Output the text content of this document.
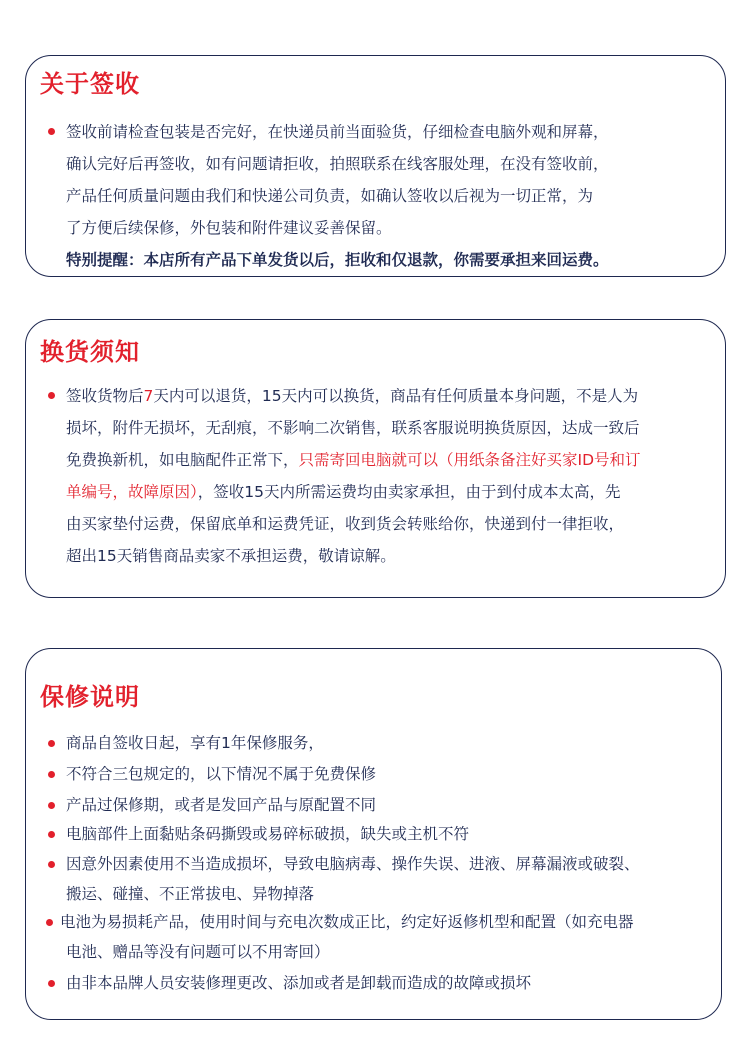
关于签收

签收前请检查包装是否完好，在快递员前当面验货，仔细检查电脑外观和屏幕，
确认完好后再签收，如有问题请拒收，拍照联系在线客服处理，在没有签收前，
产品任何质量问题由我们和快递公司负责，如确认签收以后视为一切正常，为
了方便后续保修，外包装和附件建议妥善保留。
特别提醒：本店所有产品下单发货以后，拒收和仅退款，你需要承担来回运费。

换货须知

签收货物后7天内可以退货，15天内可以换货，商品有任何质量本身问题，不是人为
损坏，附件无损坏，无刮痕，不影响二次销售，联系客服说明换货原因，达成一致后
免费换新机，如电脑配件正常下，只需寄回电脑就可以（用纸条备注好买家ID号和订
单编号，故障原因），签收15天内所需运费均由卖家承担，由于到付成本太高，先
由买家垫付运费，保留底单和运费凭证，收到货会转账给你，快递到付一律拒收，
超出15天销售商品卖家不承担运费，敬请谅解。

保修说明

商品自签收日起，享有1年保修服务，

不符合三包规定的，以下情况不属于免费保修

产品过保修期，或者是发回产品与原配置不同

电脑部件上面黏贴条码撕毁或易碎标破损，缺失或主机不符

因意外因素使用不当造成损坏，导致电脑病毒、操作失误、进液、屏幕漏液或破裂、

搬运、碰撞、不正常拔电、异物掉落

电池为易损耗产品，使用时间与充电次数成正比，约定好返修机型和配置（如充电器

电池、赠品等没有问题可以不用寄回）

由非本品牌人员安装修理更改、添加或者是卸载而造成的故障或损坏
